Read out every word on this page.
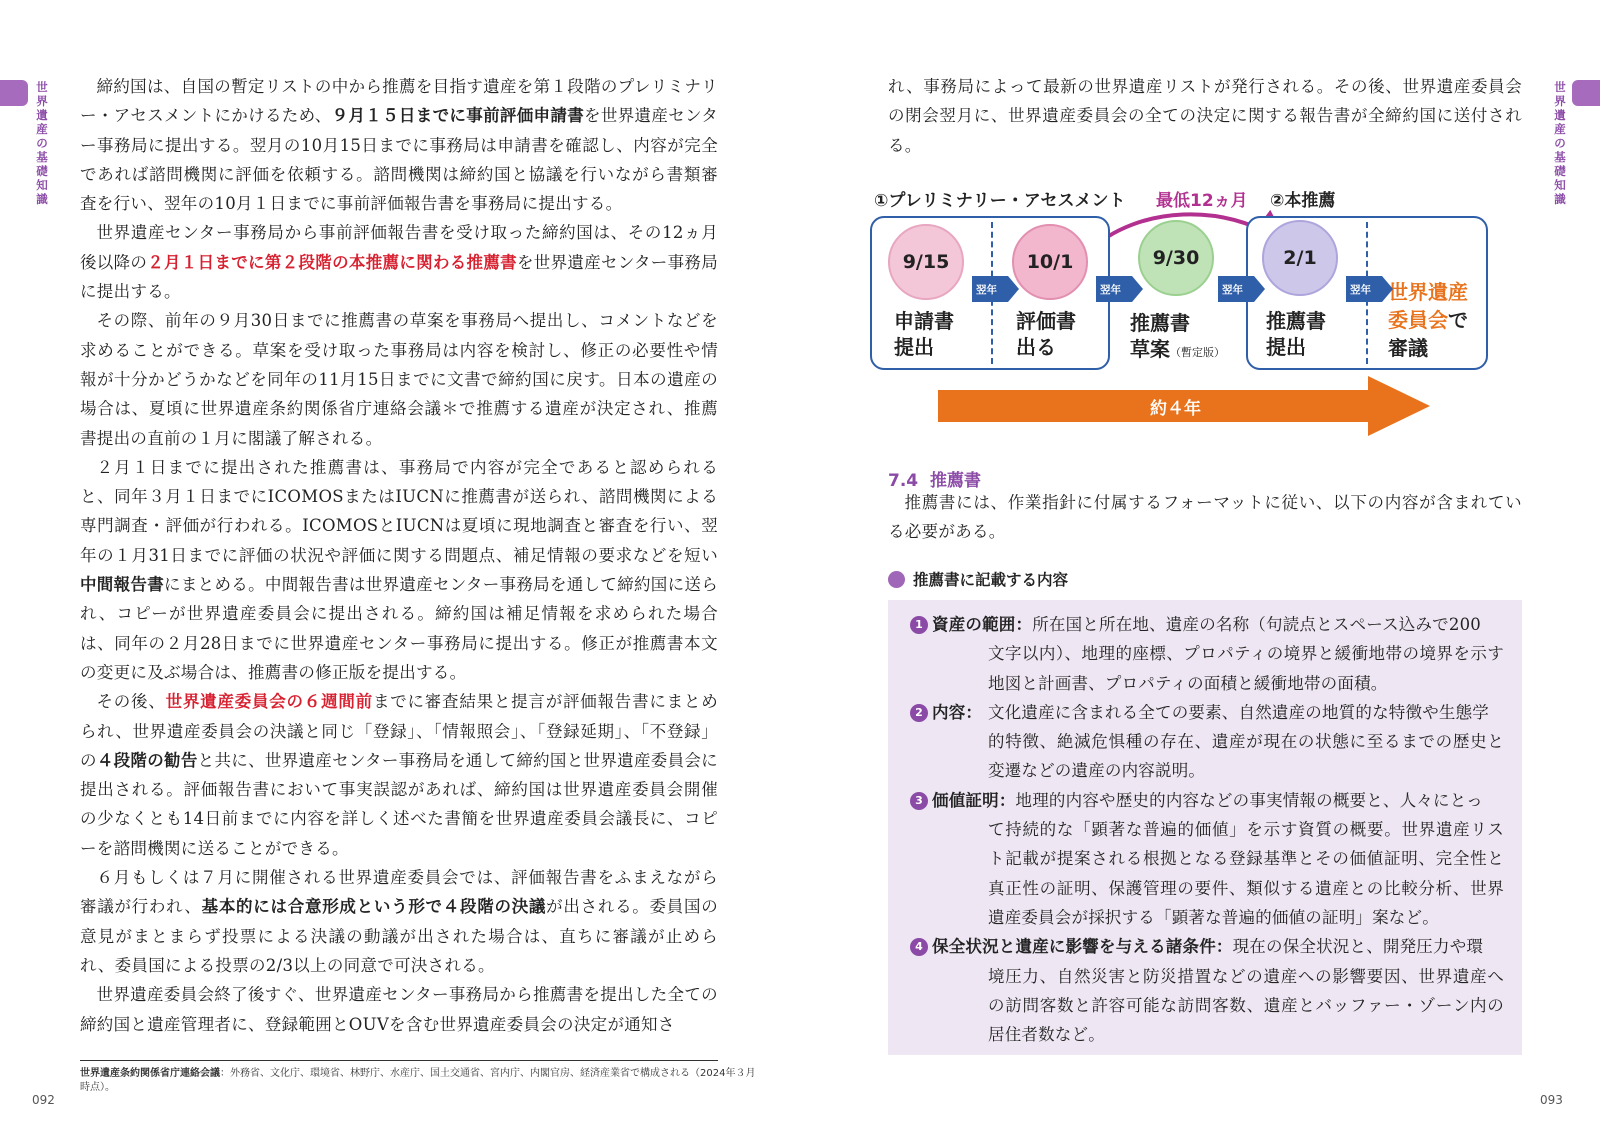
世界遺産の基礎知識
世界遺産の基礎知識

締約国は、自国の暫定リストの中から推薦を目指す遺産を第１段階のプレリミナリー・アセスメントにかけるため、９月１５日までに事前評価申請書を世界遺産センター事務局に提出する。翌月の10月15日までに事務局は申請書を確認し、内容が完全であれば諮問機関に評価を依頼する。諮問機関は締約国と協議を行いながら書類審査を行い、翌年の10月１日までに事前評価報告書を事務局に提出する。

世界遺産センター事務局から事前評価報告書を受け取った締約国は、その12ヵ月後以降の２月１日までに第２段階の本推薦に関わる推薦書を世界遺産センター事務局に提出する。

その際、前年の９月30日までに推薦書の草案を事務局へ提出し、コメントなどを求めることができる。草案を受け取った事務局は内容を検討し、修正の必要性や情報が十分かどうかなどを同年の11月15日までに文書で締約国に戻す。日本の遺産の場合は、夏頃に世界遺産条約関係省庁連絡会議＊で推薦する遺産が決定され、推薦書提出の直前の１月に閣議了解される。

２月１日までに提出された推薦書は、事務局で内容が完全であると認められると、同年３月１日までにICOMOSまたはIUCNに推薦書が送られ、諮問機関による専門調査・評価が行われる。ICOMOSとIUCNは夏頃に現地調査と審査を行い、翌年の１月31日までに評価の状況や評価に関する問題点、補足情報の要求などを短い中間報告書にまとめる。中間報告書は世界遺産センター事務局を通して締約国に送られ、コピーが世界遺産委員会に提出される。締約国は補足情報を求められた場合は、同年の２月28日までに世界遺産センター事務局に提出する。修正が推薦書本文の変更に及ぶ場合は、推薦書の修正版を提出する。

その後、世界遺産委員会の６週間前までに審査結果と提言が評価報告書にまとめられ、世界遺産委員会の決議と同じ「登録」、「情報照会」、「登録延期」、「不登録」の４段階の勧告と共に、世界遺産センター事務局を通して締約国と世界遺産委員会に提出される。評価報告書において事実誤認があれば、締約国は世界遺産委員会開催の少なくとも14日前までに内容を詳しく述べた書簡を世界遺産委員会議長に、コピーを諮問機関に送ることができる。

６月もしくは７月に開催される世界遺産委員会では、評価報告書をふまえながら審議が行われ、基本的には合意形成という形で４段階の決議が出される。委員国の意見がまとまらず投票による決議の動議が出された場合は、直ちに審議が止められ、委員国による投票の2/3以上の同意で可決される。

世界遺産委員会終了後すぐ、世界遺産センター事務局から推薦書を提出した全ての締約国と遺産管理者に、登録範囲とOUVを含む世界遺産委員会の決定が通知さ

世界遺産条約関係省庁連絡会議：外務省、文化庁、環境省、林野庁、水産庁、国土交通省、宮内庁、内閣官房、経済産業省で構成される（2024年３月時点）。
092

れ、事務局によって最新の世界遺産リストが発行される。その後、世界遺産委員会の閉会翌月に、世界遺産委員会の全ての決定に関する報告書が全締約国に送付される。

①プレリミナリー・アセスメント 最低12ヵ月 ②本推薦
9/15	10/1	9/30	2/1
申請書
提出
評価書
出る
推薦書
草案（暫定版）
推薦書
提出
世界遺産
委員会で
審議
翌年	翌年	翌年	翌年
約４年
7.4 推薦書

推薦書には、作業指針に付属するフォーマットに従い、以下の内容が含まれている必要がある。

推薦書に記載する内容
1 資産の範囲： 所在国と所在地、遺産の名称（句読点とスペース込みで200
文字以内）、地理的座標、プロパティの境界と緩衝地帯の境界を示す地図と計画書、プロパティの面積と緩衝地帯の面積。
2 内容： 文化遺産に含まれる全ての要素、自然遺産の地質的な特徴や生態学
的特徴、絶滅危惧種の存在、遺産が現在の状態に至るまでの歴史と変遷などの遺産の内容説明。
3 価値証明： 地理的内容や歴史的内容などの事実情報の概要と、人々にとっ
て持続的な「顕著な普遍的価値」を示す資質の概要。世界遺産リスト記載が提案される根拠となる登録基準とその価値証明、完全性と真正性の証明、保護管理の要件、類似する遺産との比較分析、世界遺産委員会が採択する「顕著な普遍的価値の証明」案など。
4 保全状況と遺産に影響を与える諸条件： 現在の保全状況と、開発圧力や環
境圧力、自然災害と防災措置などの遺産への影響要因、世界遺産への訪問客数と許容可能な訪問客数、遺産とバッファー・ゾーン内の居住者数など。
093
